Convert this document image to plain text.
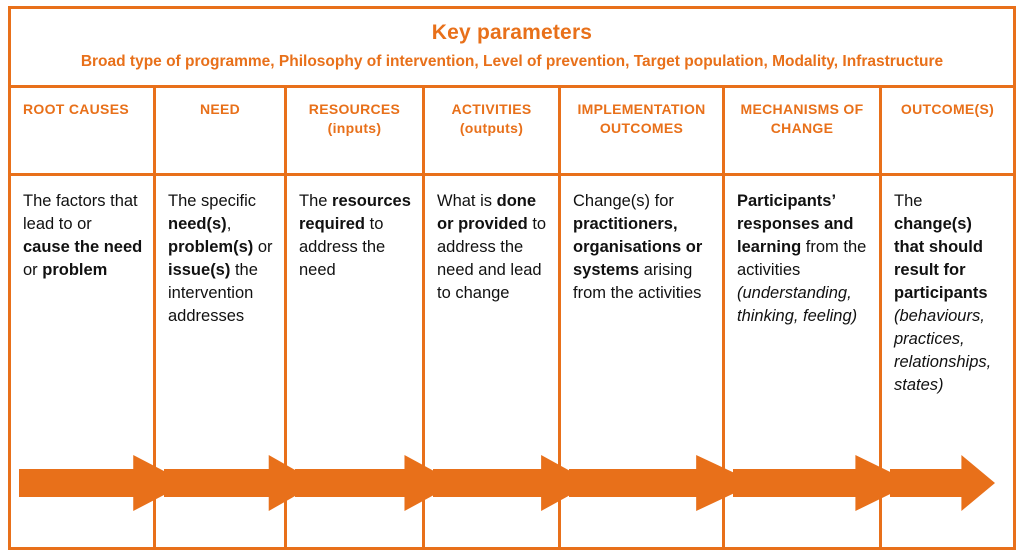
Key parameters
Broad type of programme, Philosophy of intervention, Level of prevention, Target population, Modality, Infrastructure
ROOT CAUSES
The factors that lead to or cause the need or problem
NEED
The specific need(s), problem(s) or issue(s) the intervention addresses
RESOURCES
(inputs)
The resources required to address the need
ACTIVITIES
(outputs)
What is done or provided to address the need and lead to change
IMPLEMENTATION OUTCOMES
Change(s) for practitioners, organisations or systems arising from the activities
MECHANISMS OF CHANGE
Participants’ responses and learning from the activities (understanding, thinking, feeling)
OUTCOME(S)
The change(s) that should result for participants (behaviours, practices, relationships, states)
